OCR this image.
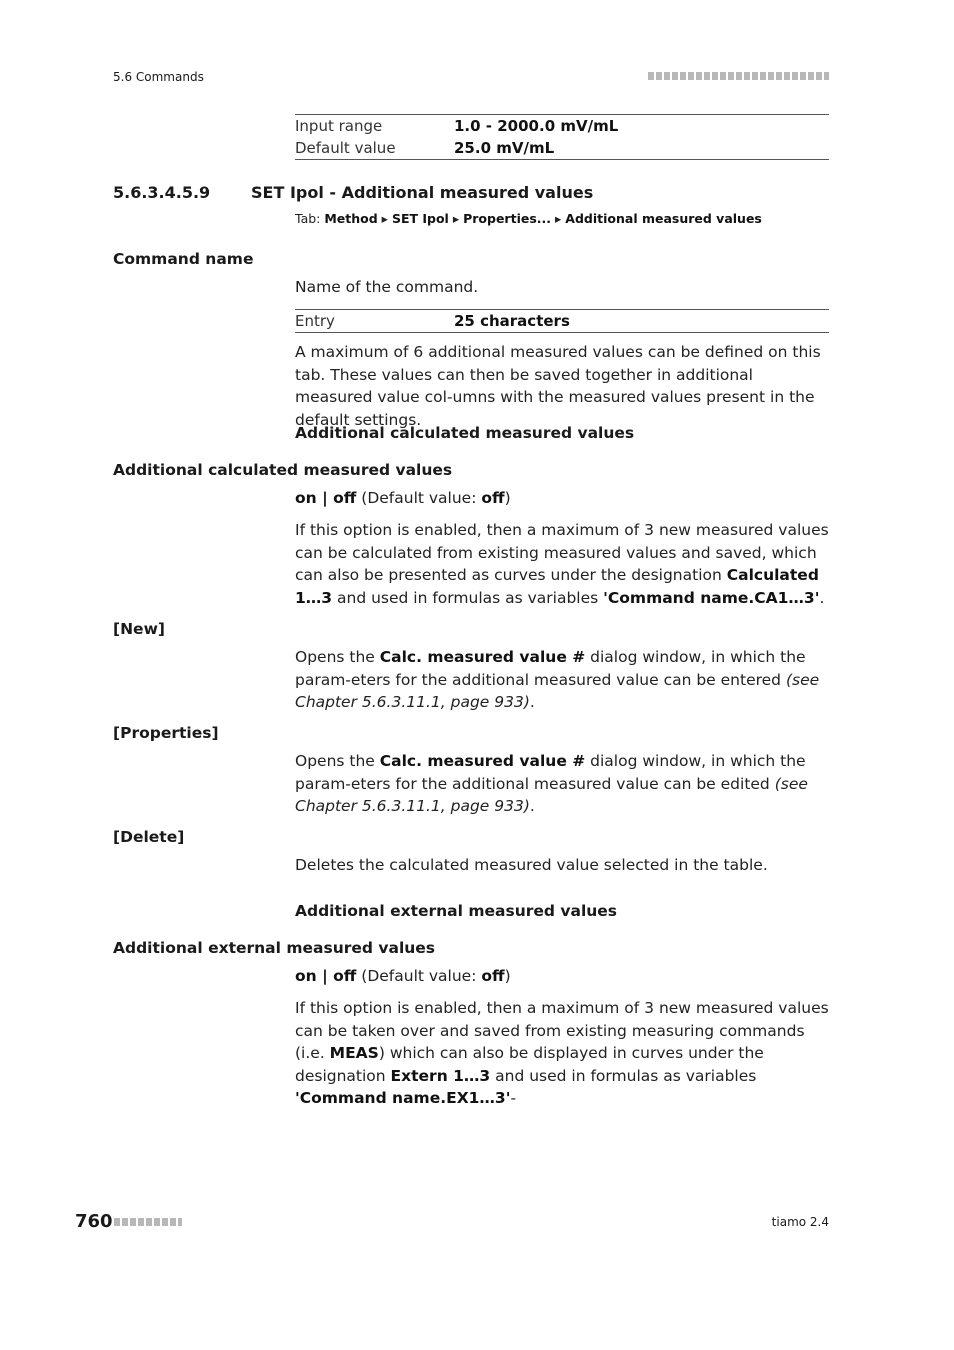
5.6 Commands
Input range	1.0 - 2000.0 mV/mL
Default value	25.0 mV/mL
5.6.3.4.5.9	SET Ipol - Additional measured values
Tab: Method ▸ SET Ipol ▸ Properties... ▸ Additional measured values
Command name
Name of the command.
Entry	25 characters
A maximum of 6 additional measured values can be defined on this tab. These values can then be saved together in additional measured value col-umns with the measured values present in the default settings.
Additional calculated measured values
Additional calculated measured values
on | off (Default value: off)
If this option is enabled, then a maximum of 3 new measured values can be calculated from existing measured values and saved, which can also be presented as curves under the designation Calculated 1…3 and used in formulas as variables 'Command name.CA1…3'.
[New]
Opens the Calc. measured value # dialog window, in which the param-eters for the additional measured value can be entered (see Chapter 5.6.3.11.1, page 933).
[Properties]
Opens the Calc. measured value # dialog window, in which the param-eters for the additional measured value can be edited (see Chapter 5.6.3.11.1, page 933).
[Delete]
Deletes the calculated measured value selected in the table.
Additional external measured values
Additional external measured values
on | off (Default value: off)
If this option is enabled, then a maximum of 3 new measured values can be taken over and saved from existing measuring commands (i.e. MEAS) which can also be displayed in curves under the designation Extern 1…3 and used in formulas as variables 'Command name.EX1…3'-
760	tiamo 2.4
